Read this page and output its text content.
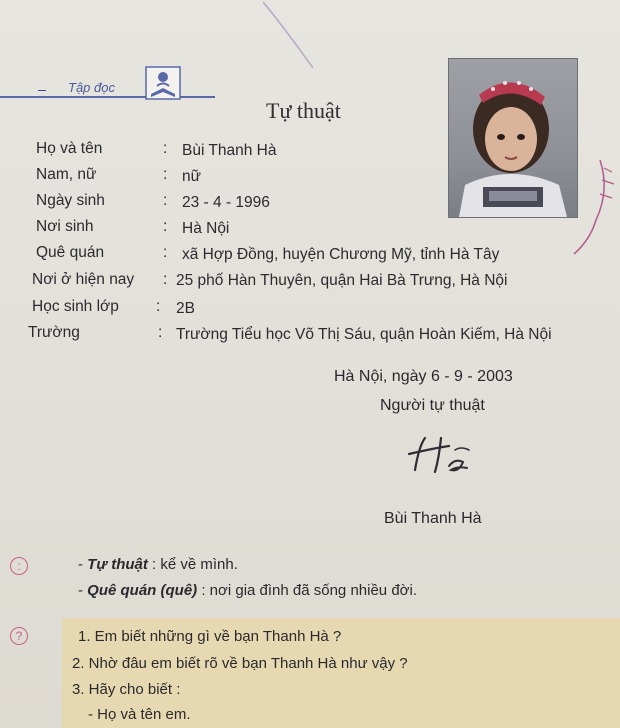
Tập đọc
Tự thuật
Họ và tên	: Bùi Thanh Hà
Nam, nữ	: nữ
Ngày sinh	: 23 - 4 - 1996
Nơi sinh	: Hà Nội
Quê quán	: xã Hợp Đồng, huyện Chương Mỹ, tỉnh Hà Tây
Nơi ở hiện nay : 25 phố Hàn Thuyên, quận Hai Bà Trưng, Hà Nội
Học sinh lớp : 2B
Trường	: Trường Tiểu học Võ Thị Sáu, quận Hoàn Kiếm, Hà Nội
Hà Nội, ngày 6 - 9 - 2003
Người tự thuật
Bùi Thanh Hà
:	- Tự thuật : kể về mình.
- Quê quán (quê) : nơi gia đình đã sống nhiều đời.
?	1. Em biết những gì về bạn Thanh Hà ?
2. Nhờ đâu em biết rõ về bạn Thanh Hà như vậy ?
3. Hãy cho biết :
- Họ và tên em.
